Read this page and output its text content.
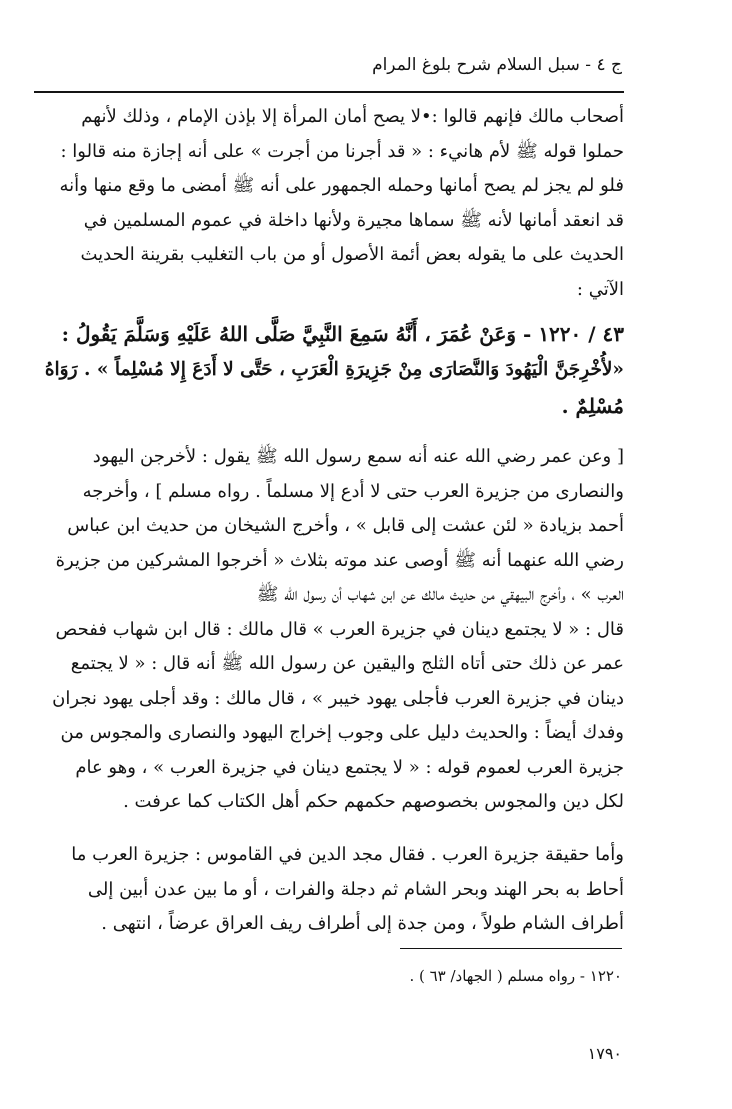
ج ٤ - سبل السلام شرح بلوغ المرام
أصحاب مالك فإنهم قالوا :•لا يصح أمان المرأة إلا بإذن الإمام ، وذلك لأنهم
حملوا قوله ﷺ لأم هانيء : « قد أجرنا من أجرت » على أنه إجازة منه قالوا :
فلو لم يجز لم يصح أمانها وحمله الجمهور على أنه ﷺ أمضى ما وقع منها وأنه
قد انعقد أمانها لأنه ﷺ سماها مجيرة ولأنها داخلة في عموم المسلمين في
الحديث على ما يقوله بعض أئمة الأصول أو من باب التغليب بقرينة الحديث
الآتي :
٤٣ / ١٢٢٠ - وَعَنْ عُمَرَ ، أَنَّهُ سَمِعَ النَّبِيَّ صَلَّى اللهُ عَلَيْهِ وَسَلَّمَ يَقُولُ :
«لأُخْرِجَنَّ الْيَهُودَ وَالنَّصَارَى مِنْ جَزِيرَةِ الْعَرَبِ ، حَتَّى لا أَدَعَ إِلا مُسْلِماً » . رَوَاهُ
مُسْلِمٌ .
[ وعن عمر رضي الله عنه أنه سمع رسول الله ﷺ يقول : لأخرجن اليهود
والنصارى من جزيرة العرب حتى لا أدع إلا مسلماً . رواه مسلم ] ، وأخرجه
أحمد بزيادة « لئن عشت إلى قابل » ، وأخرج الشيخان من حديث ابن عباس
رضي الله عنهما أنه ﷺ أوصى عند موته بثلاث « أخرجوا المشركين من جزيرة
العرب » ، وأخرج البيهقي من حديث مالك عن ابن شهاب أن رسول الله ﷺ
قال : « لا يجتمع دينان في جزيرة العرب » قال مالك : قال ابن شهاب ففحص
عمر عن ذلك حتى أتاه الثلج واليقين عن رسول الله ﷺ أنه قال : « لا يجتمع
دينان في جزيرة العرب فأجلى يهود خيبر » ، قال مالك : وقد أجلى يهود نجران
وفدك أيضاً : والحديث دليل على وجوب إخراج اليهود والنصارى والمجوس من
جزيرة العرب لعموم قوله : « لا يجتمع دينان في جزيرة العرب » ، وهو عام
لكل دين والمجوس بخصوصهم حكمهم حكم أهل الكتاب كما عرفت .
وأما حقيقة جزيرة العرب . فقال مجد الدين في القاموس : جزيرة العرب ما
أحاط به بحر الهند وبحر الشام ثم دجلة والفرات ، أو ما بين عدن أبين إلى
أطراف الشام طولاً ، ومن جدة إلى أطراف ريف العراق عرضاً ، انتهى .
١٢٢٠ - رواه مسلم ( الجهاد/ ٦٣ ) .
١٧٩٠
